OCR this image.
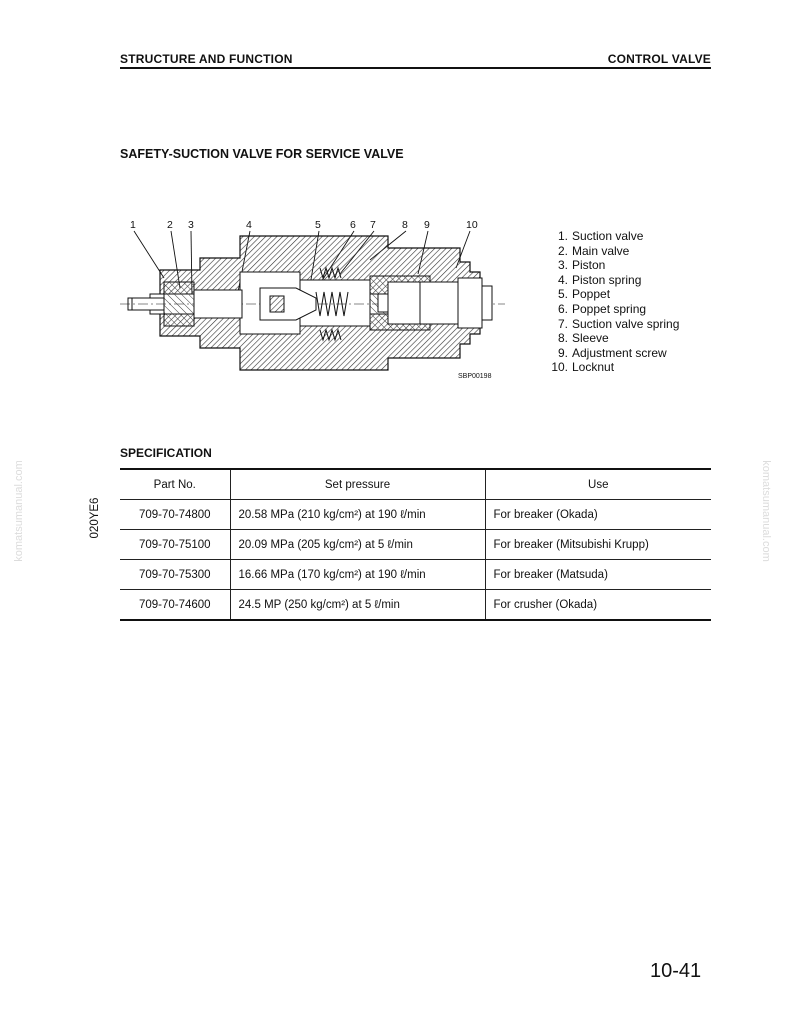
STRUCTURE AND FUNCTION	CONTROL VALVE
SAFETY-SUCTION VALVE FOR SERVICE VALVE
1	2 3	4	5	6 7 8 9	10
SBP00198
1. Suction valve
2. Main valve
3. Piston
4. Piston spring
5. Poppet
6. Poppet spring
7. Suction valve spring
8. Sleeve
9. Adjustment screw
10. Locknut
SPECIFICATION
Part No.	Set pressure	Use
709-70-74800	20.58 MPa (210 kg/cm²) at 190 ℓ/min	For breaker (Okada)
709-70-75100	20.09 MPa (205 kg/cm²) at 5 ℓ/min	For breaker (Mitsubishi Krupp)
709-70-75300	16.66 MPa (170 kg/cm²) at 190 ℓ/min	For breaker (Matsuda)
709-70-74600	24.5 MP (250 kg/cm²) at 5 ℓ/min	For crusher (Okada)
020YE6
komatsumanual.com	komatsumanual.com
10-41
